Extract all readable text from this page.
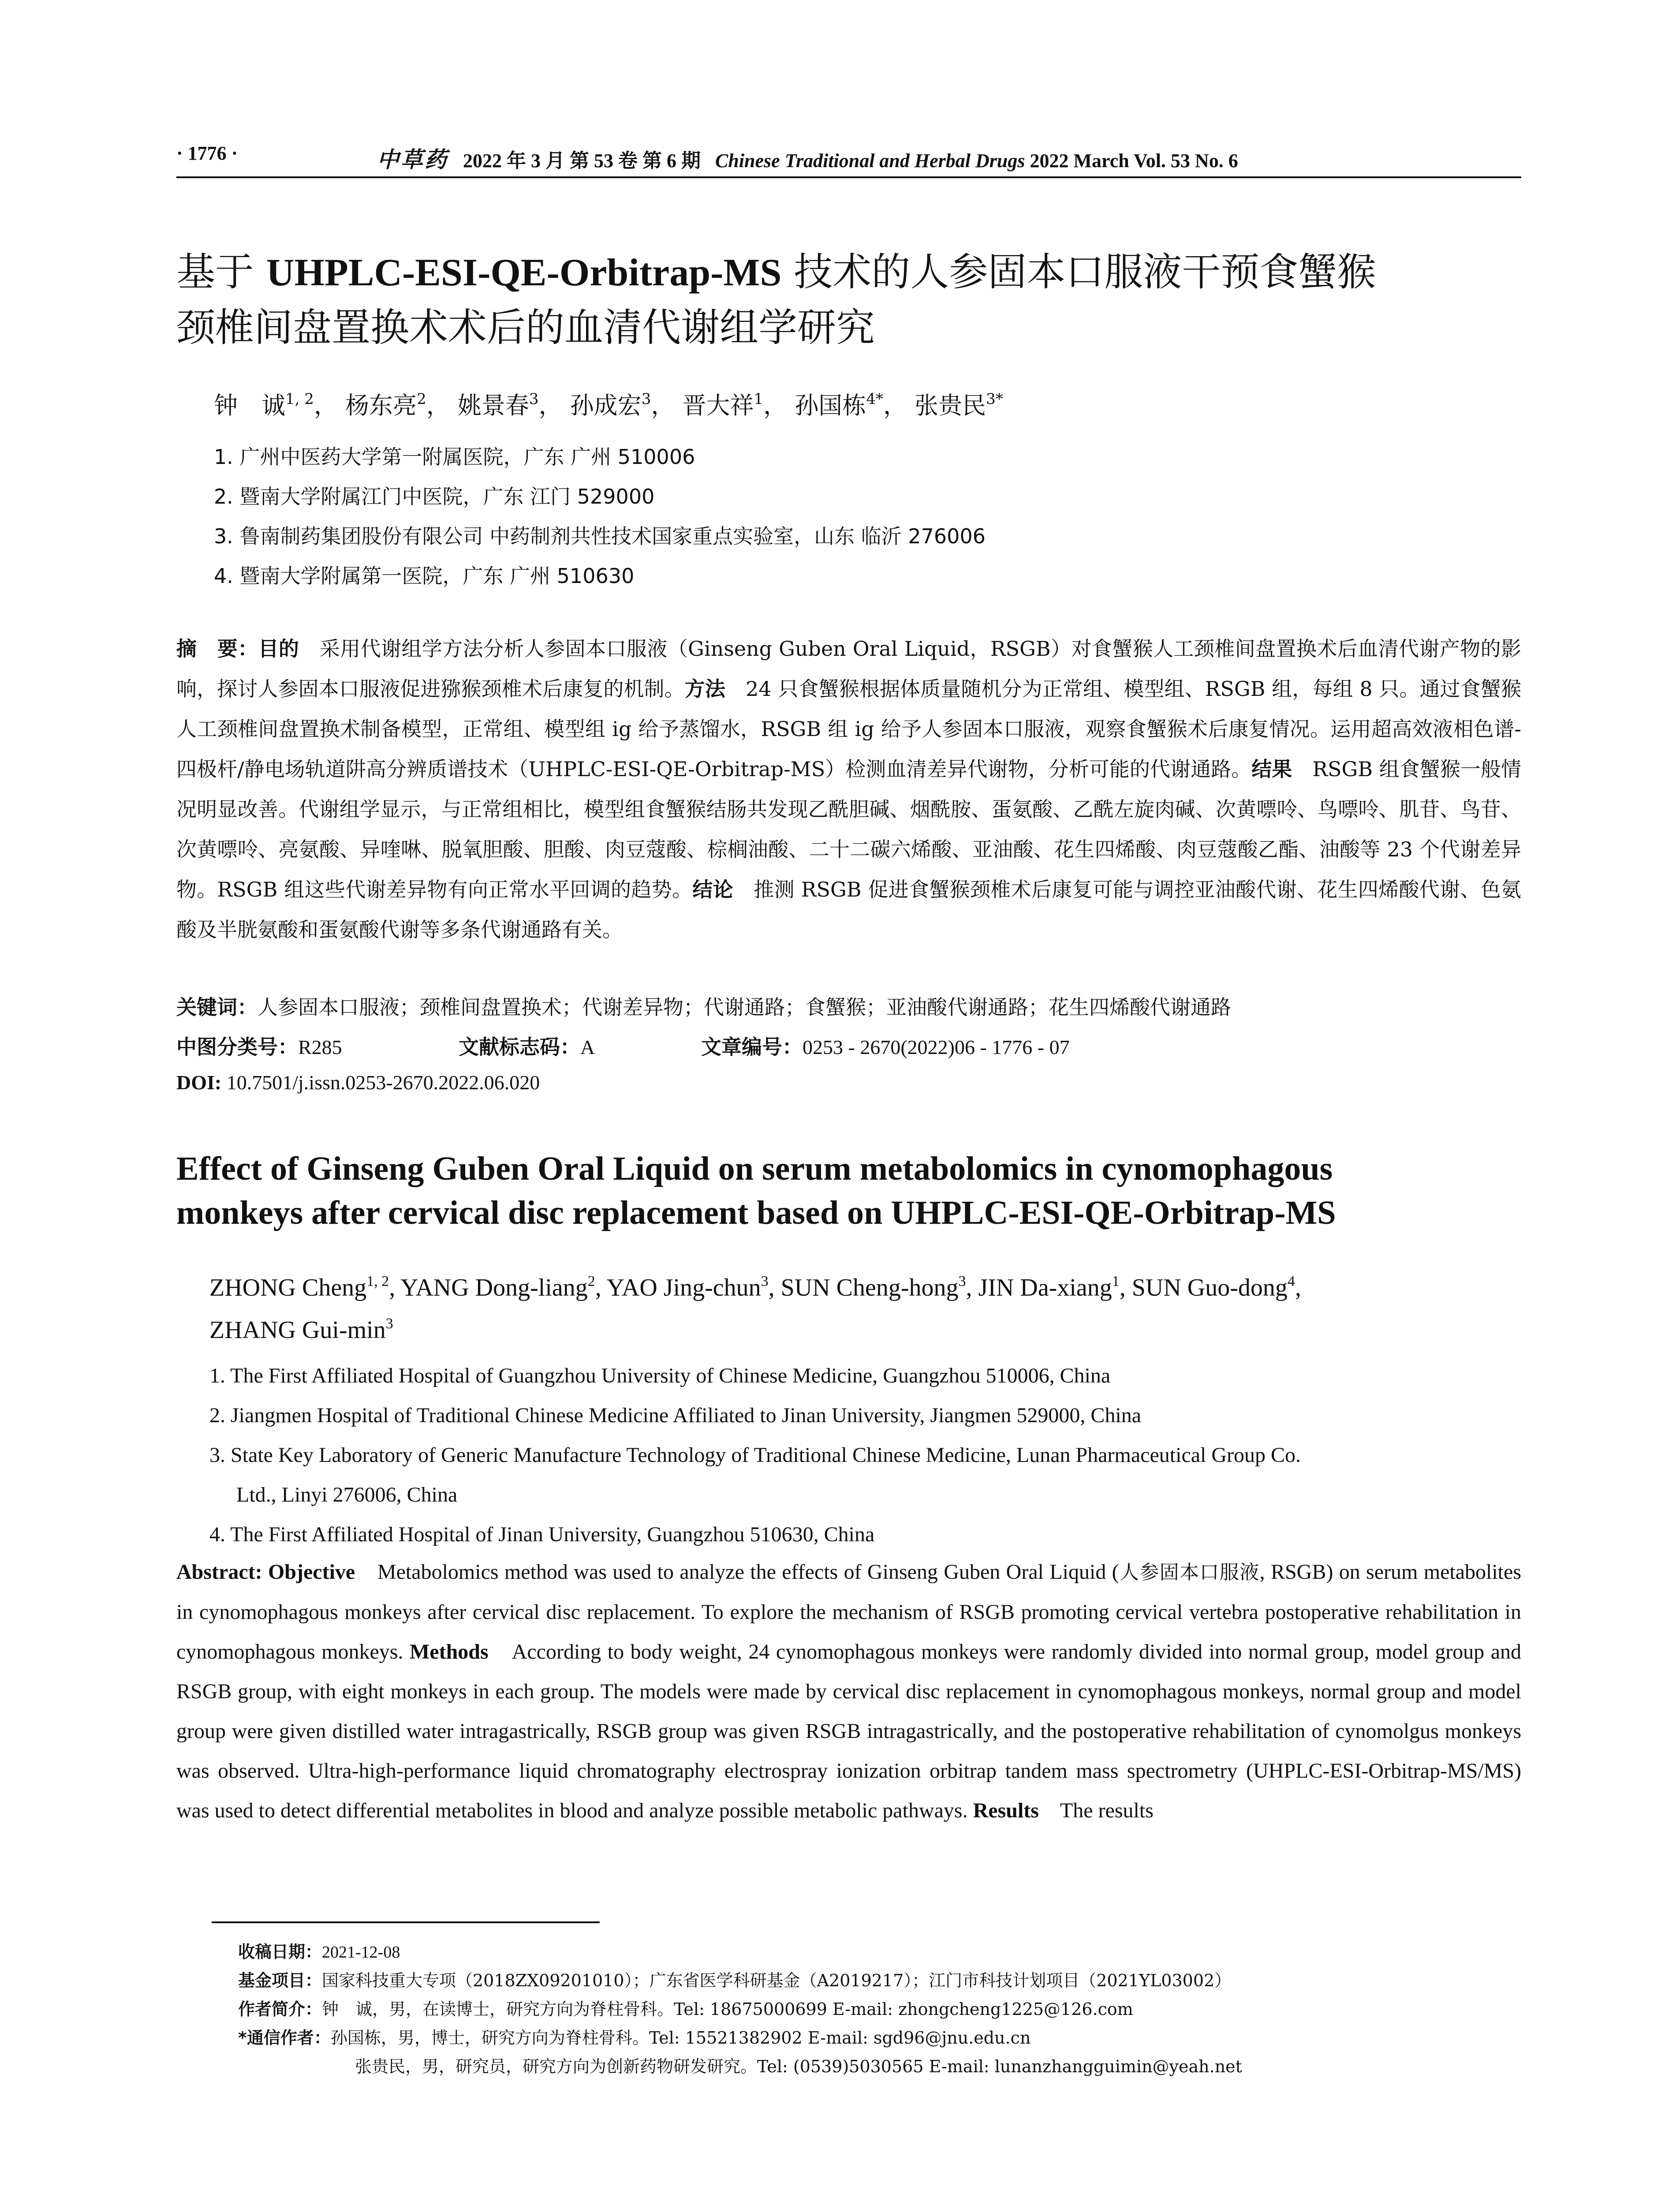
· 1776 ·	中草药 2022 年 3 月 第 53 卷 第 6 期 Chinese Traditional and Herbal Drugs 2022 March Vol. 53 No. 6
基于 UHPLC-ESI-QE-Orbitrap-MS 技术的人参固本口服液干预食蟹猴
颈椎间盘置换术术后的血清代谢组学研究
钟　诚$^{1, 2}$， 杨东亮$^2$， 姚景春$^3$， 孙成宏$^3$， 晋大祥$^1$， 孙国栋$^{4*}$， 张贵民$^{3*}$
1. 广州中医药大学第一附属医院，广东 广州 510006
2. 暨南大学附属江门中医院，广东 江门 529000
3. 鲁南制药集团股份有限公司 中药制剂共性技术国家重点实验室，山东 临沂 276006
4. 暨南大学附属第一医院，广东 广州 510630

摘　要：目的　采用代谢组学方法分析人参固本口服液（Ginseng Guben Oral Liquid，RSGB）对食蟹猴人工颈椎间盘置换术后血清代谢产物的影响，探讨人参固本口服液促进猕猴颈椎术后康复的机制。方法　24 只食蟹猴根据体质量随机分为正常组、模型组、RSGB 组，每组 8 只。通过食蟹猴人工颈椎间盘置换术制备模型，正常组、模型组 ig 给予蒸馏水，RSGB 组 ig 给予人参固本口服液，观察食蟹猴术后康复情况。运用超高效液相色谱-四极杆/静电场轨道阱高分辨质谱技术（UHPLC-ESI-QE-Orbitrap-MS）检测血清差异代谢物，分析可能的代谢通路。结果　RSGB 组食蟹猴一般情况明显改善。代谢组学显示，与正常组相比，模型组食蟹猴结肠共发现乙酰胆碱、烟酰胺、蛋氨酸、乙酰左旋肉碱、次黄嘌呤、鸟嘌呤、肌苷、鸟苷、次黄嘌呤、亮氨酸、异喹啉、脱氧胆酸、胆酸、肉豆蔻酸、棕榈油酸、二十二碳六烯酸、亚油酸、花生四烯酸、肉豆蔻酸乙酯、油酸等 23 个代谢差异物。RSGB 组这些代谢差异物有向正常水平回调的趋势。结论　推测 RSGB 促进食蟹猴颈椎术后康复可能与调控亚油酸代谢、花生四烯酸代谢、色氨酸及半胱氨酸和蛋氨酸代谢等多条代谢通路有关。

关键词：人参固本口服液；颈椎间盘置换术；代谢差异物；代谢通路；食蟹猴；亚油酸代谢通路；花生四烯酸代谢通路
中图分类号：R285	文献标志码：A	文章编号：0253 - 2670(2022)06 - 1776 - 07
DOI: 10.7501/j.issn.0253-2670.2022.06.020
Effect of Ginseng Guben Oral Liquid on serum metabolomics in cynomophagous
monkeys after cervical disc replacement based on UHPLC-ESI-QE-Orbitrap-MS
ZHONG Cheng$^{1, 2}$, YANG Dong-liang$^2$, YAO Jing-chun$^3$, SUN Cheng-hong$^3$, JIN Da-xiang$^1$, SUN Guo-dong$^4$,
ZHANG Gui-$\min^3$
1. The First Affiliated Hospital of Guangzhou University of Chinese Medicine, Guangzhou 510006, China
2. Jiangmen Hospital of Traditional Chinese Medicine Affiliated to Jinan University, Jiangmen 529000, China
3. State Key Laboratory of Generic Manufacture Technology of Traditional Chinese Medicine, Lunan Pharmaceutical Group Co.
Ltd., Linyi 276006, China
4. The First Affiliated Hospital of Jinan University, Guangzhou 510630, China

Abstract: Objective　Metabolomics method was used to analyze the effects of Ginseng Guben Oral Liquid (人参固本口服液, RSGB) on serum metabolites in cynomophagous monkeys after cervical disc replacement. To explore the mechanism of RSGB promoting cervical vertebra postoperative rehabilitation in cynomophagous monkeys. Methods　According to body weight, 24 cynomophagous monkeys were randomly divided into normal group, model group and RSGB group, with eight monkeys in each group. The models were made by cervical disc replacement in cynomophagous monkeys, normal group and model group were given distilled water intragastrically, RSGB group was given RSGB intragastrically, and the postoperative rehabilitation of cynomolgus monkeys was observed. Ultra-high-performance liquid chromatography electrospray ionization orbitrap tandem mass spectrometry (UHPLC-ESI-Orbitrap-MS/MS) was used to detect differential metabolites in blood and analyze possible metabolic pathways. Results　The results

收稿日期：2021-12-08
基金项目：国家科技重大专项（2018ZX09201010）；广东省医学科研基金（A2019217）；江门市科技计划项目（2021YL03002）
作者简介：钟　诚，男，在读博士，研究方向为脊柱骨科。Tel: 18675000699 E-mail: zhongcheng1225@126.com
*通信作者：孙国栋，男，博士，研究方向为脊柱骨科。Tel: 15521382902 E-mail: sgd96@jnu.edu.cn
张贵民，男，研究员，研究方向为创新药物研发研究。Tel: (0539)5030565 E-mail: lunanzhangguimin@yeah.net
